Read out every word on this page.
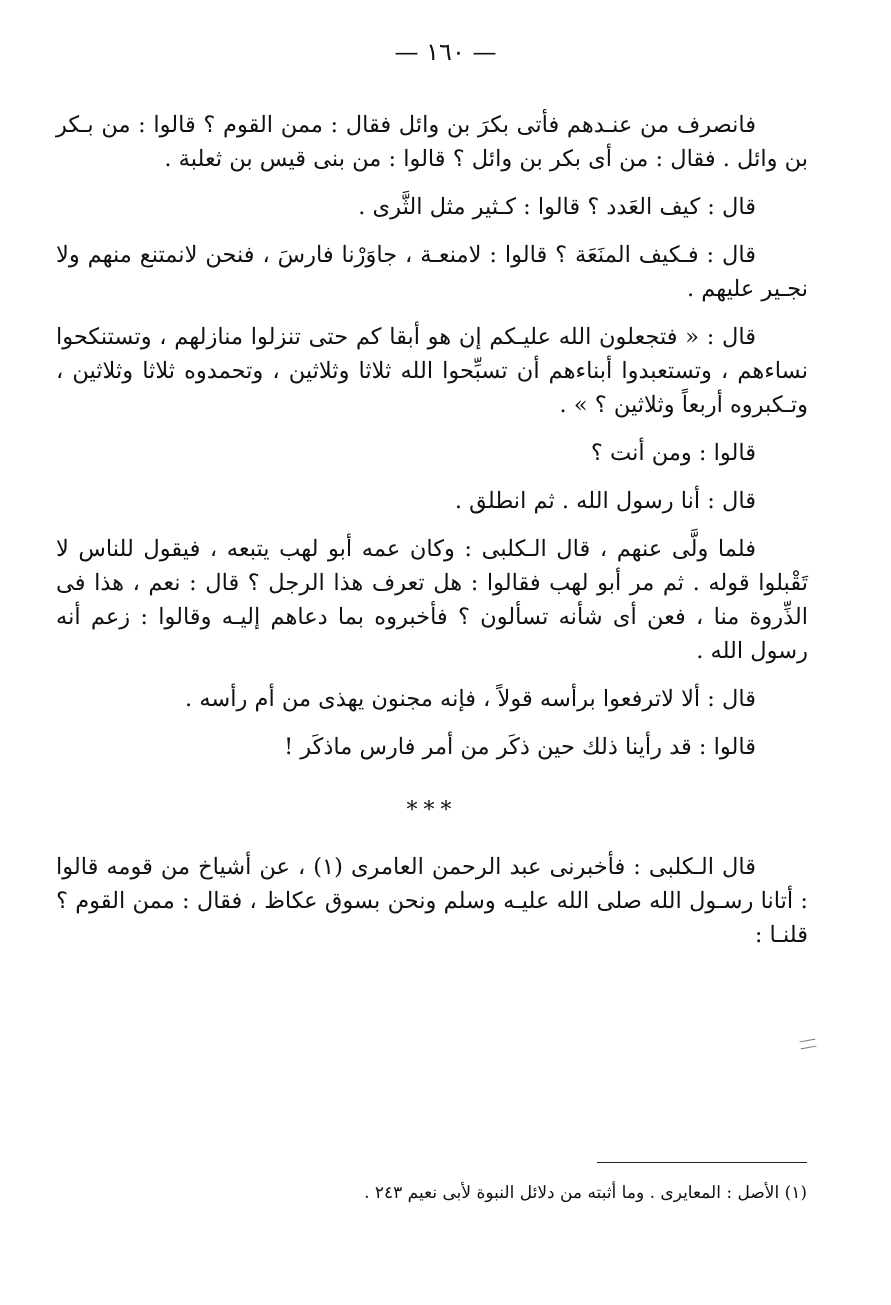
— ١٦٠ —

فانصرف من عنـدهم فأتى بكرَ بن وائل فقال : ممن القوم ؟ قالوا : من بـكر بن وائل . فقال : من أى بكر بن وائل ؟ قالوا : من بنى قيس بن ثعلبة .

قال : كيف العَدد ؟ قالوا : كـثير مثل الثَّرى .

قال : فـكيف المنَعَة ؟ قالوا : لامنعـة ، جاوَرْنا فارسَ ، فنحن لانمتنع منهم ولا نجـير عليهم .

قال : « فتجعلون الله عليـكم إن هو أبقا كم حتى تنزلوا منازلهم ، وتستنكحوا نساءهم ، وتستعبدوا أبناءهم أن تسبِّحوا الله ثلاثا وثلاثين ، وتحمدوه ثلاثا وثلاثين ، وتـكبروه أربعاً وثلاثين ؟ » .

قالوا : ومن أنت ؟

قال : أنا رسول الله . ثم انطلق .

فلما ولَّى عنهم ، قال الـكلبى : وكان عمه أبو لهب يتبعه ، فيقول للناس لا تَقْبلوا قوله . ثم مر أبو لهب فقالوا : هل تعرف هذا الرجل ؟ قال : نعم ، هذا فى الذِّروة منا ، فعن أى شأنه تسألون ؟ فأخبروه بما دعاهم إليـه وقالوا : زعم أنه رسول الله .

قال : ألا لاترفعوا برأسه قولاً ، فإنه مجنون يهذى من أم رأسه .

قالوا : قد رأينا ذلك حين ذكَر من أمر فارس ماذكَر !

***

قال الـكلبى : فأخبرنى عبد الرحمن العامرى (١) ، عن أشياخ من قومه قالوا : أتانا رسـول الله صلى الله عليـه وسلم ونحن بسوق عكاظ ، فقال : ممن القوم ؟ قلنـا :

(١) الأصل : المعايرى . وما أثبته من دلائل النبوة لأبى نعيم ٢٤٣ .
